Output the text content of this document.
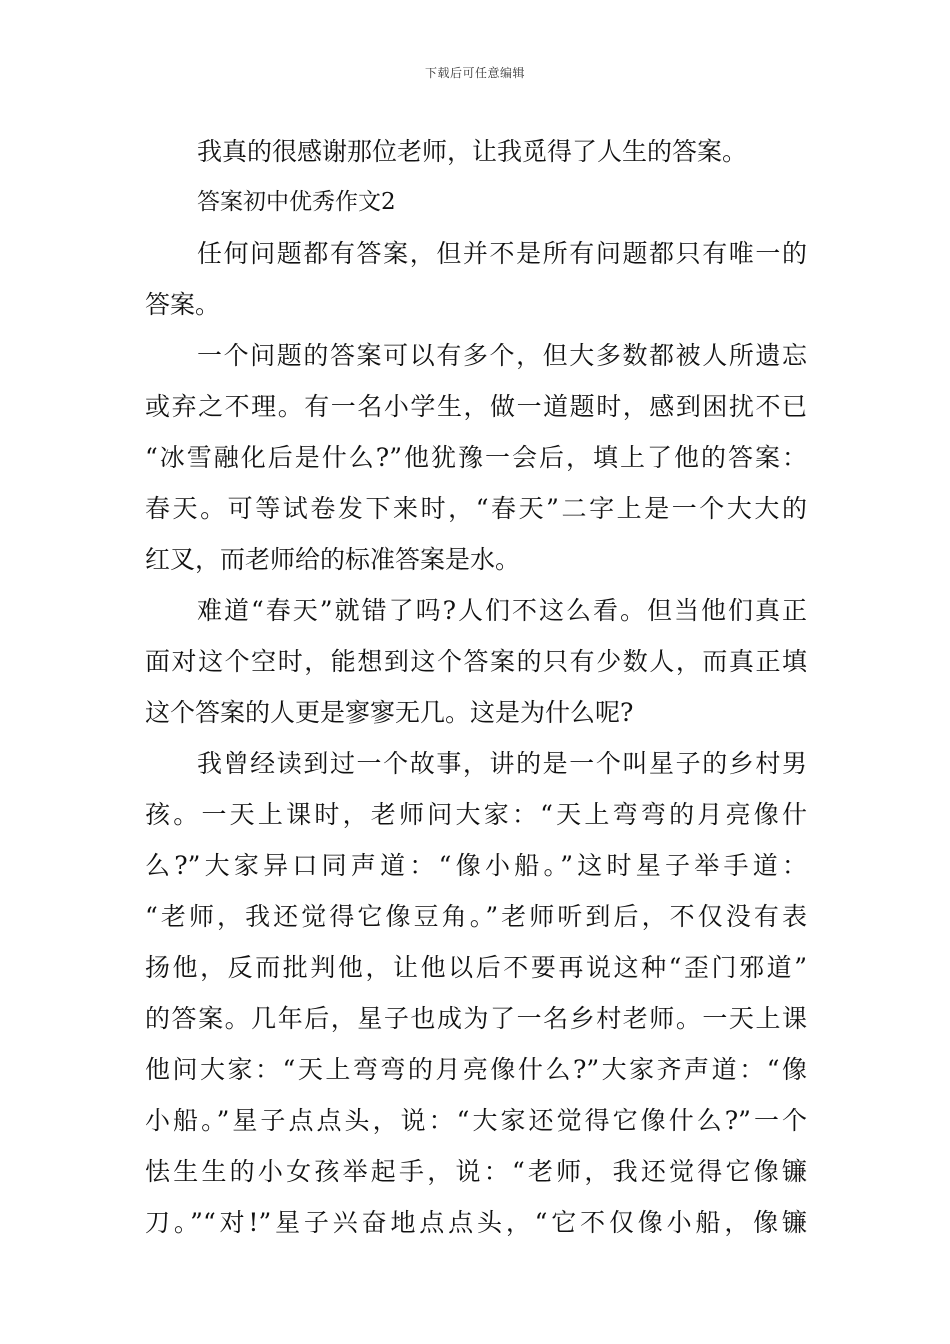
下载后可任意编辑
我真的很感谢那位老师，让我觅得了人生的答案。
答案初中优秀作文2
任何问题都有答案，但并不是所有问题都只有唯一的
答案。
一个问题的答案可以有多个，但大多数都被人所遗忘
或弃之不理。有一名小学生，做一道题时，感到困扰不已
“冰雪融化后是什么?”他犹豫一会后，填上了他的答案：
春天。可等试卷发下来时，“春天”二字上是一个大大的
红叉，而老师给的标准答案是水。
难道“春天”就错了吗?人们不这么看。但当他们真正
面对这个空时，能想到这个答案的只有少数人，而真正填
这个答案的人更是寥寥无几。这是为什么呢?
我曾经读到过一个故事，讲的是一个叫星子的乡村男
孩。一天上课时，老师问大家：“天上弯弯的月亮像什
么?”大家异口同声道：“像小船。”这时星子举手道：
“老师，我还觉得它像豆角。”老师听到后，不仅没有表
扬他，反而批判他，让他以后不要再说这种“歪门邪道”
的答案。几年后，星子也成为了一名乡村老师。一天上课
他问大家：“天上弯弯的月亮像什么?”大家齐声道：“像
小船。”星子点点头，说：“大家还觉得它像什么?”一个
怯生生的小女孩举起手，说：“老师，我还觉得它像镰
刀。”“对!”星子兴奋地点点头，“它不仅像小船，像镰
